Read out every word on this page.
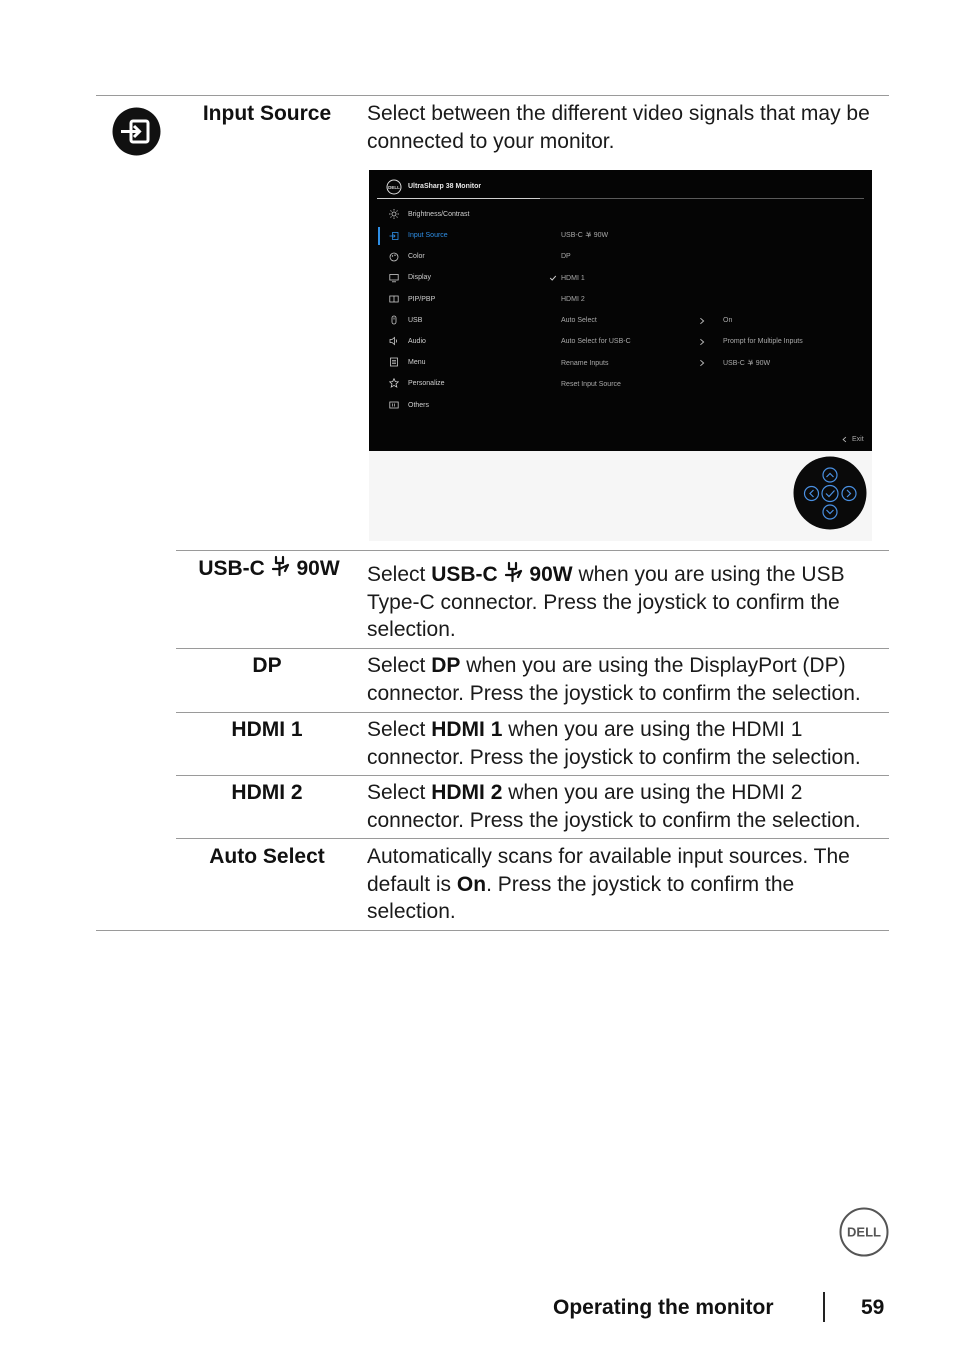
Input Source	Select between the different video signals that may be connected to your monitor.
DELL UltraSharp 38 Monitor
Brightness/Contrast
Input Source
Color
Display
PIP/PBP
USB
Audio
Menu
Personalize
Others
USB-C 90W
DP
HDMI 1
HDMI 2
Auto Select
Auto Select for USB-C
Rename Inputs
Reset Input Source
On
Prompt for Multiple Inputs
USB-C 90W
Exit
USB-C 90W	Select USB-C 90W when you are using the USB Type-C connector. Press the joystick to confirm the selection.
DP	Select DP when you are using the DisplayPort (DP) connector. Press the joystick to confirm the selection.
HDMI 1	Select HDMI 1 when you are using the HDMI 1 connector. Press the joystick to confirm the selection.
HDMI 2	Select HDMI 2 when you are using the HDMI 2 connector. Press the joystick to confirm the selection.
Auto Select	Automatically scans for available input sources. The default is On. Press the joystick to confirm the selection.
DELL
Operating the monitor	59
